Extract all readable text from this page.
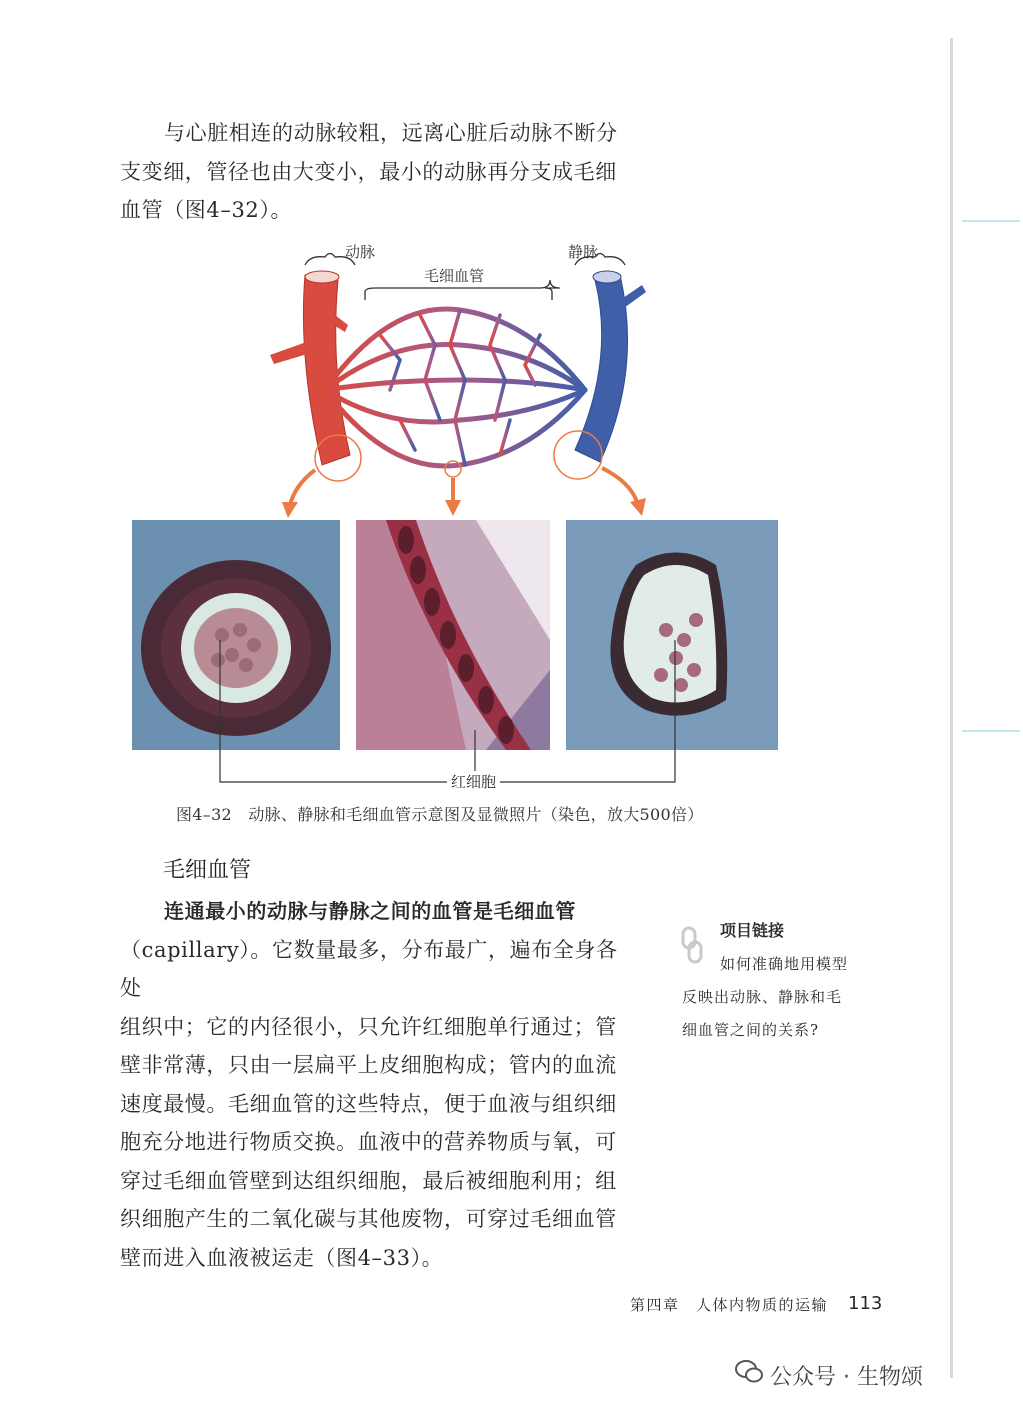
与心脏相连的动脉较粗，远离心脏后动脉不断分
支变细，管径也由大变小，最小的动脉再分支成毛细
血管（图4–32）。
动脉	静脉
毛细血管
红细胞
图4–32　动脉、静脉和毛细血管示意图及显微照片（染色，放大500倍）
毛细血管
连通最小的动脉与静脉之间的血管是毛细血管
（capillary）。它数量最多，分布最广，遍布全身各处
组织中；它的内径很小，只允许红细胞单行通过；管
壁非常薄，只由一层扁平上皮细胞构成；管内的血流
速度最慢。毛细血管的这些特点，便于血液与组织细
胞充分地进行物质交换。血液中的营养物质与氧，可
穿过毛细血管壁到达组织细胞，最后被细胞利用；组
织细胞产生的二氧化碳与其他废物，可穿过毛细血管
壁而进入血液被运走（图4–33）。
项目链接
如何准确地用模型
反映出动脉、静脉和毛
细血管之间的关系?
第四章　人体内物质的运输 113
公众号 · 生物颂
